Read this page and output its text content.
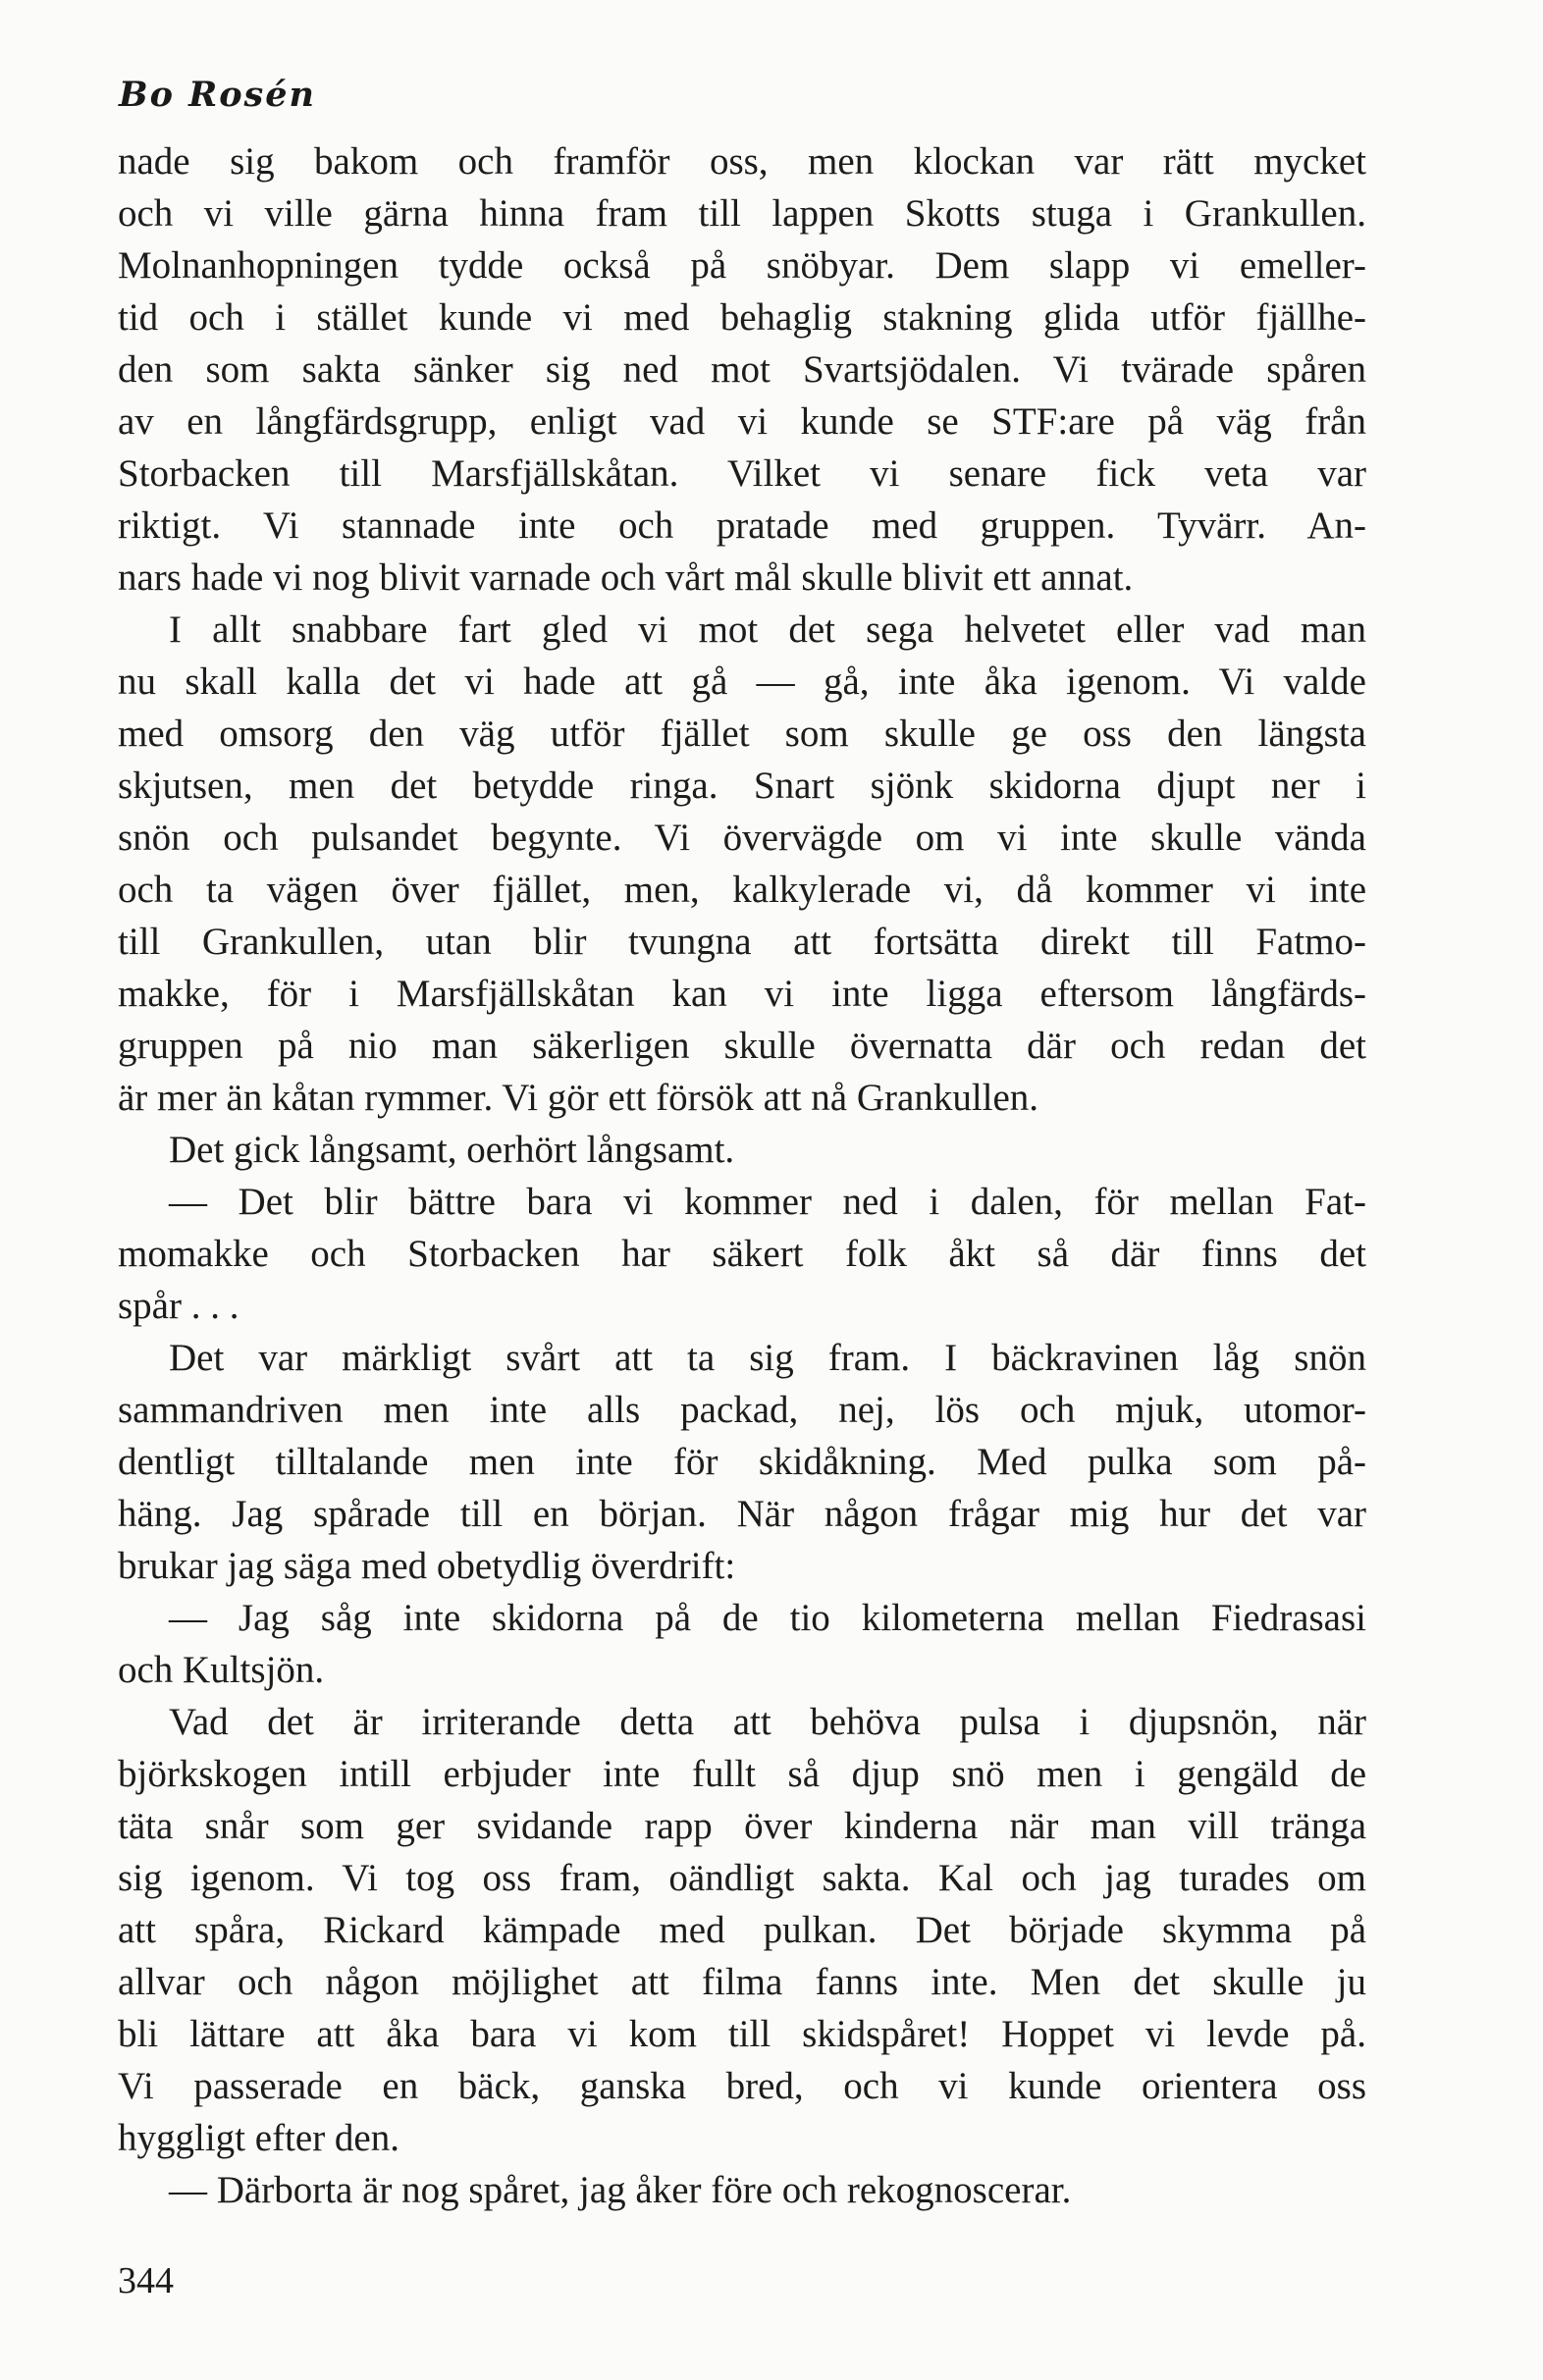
Bo Rosén
nade sig bakom och framför oss, men klockan var rätt mycket
och vi ville gärna hinna fram till lappen Skotts stuga i Grankullen.
Molnanhopningen tydde också på snöbyar. Dem slapp vi emeller-
tid och i stället kunde vi med behaglig stakning glida utför fjällhe-
den som sakta sänker sig ned mot Svartsjödalen. Vi tvärade spåren
av en långfärdsgrupp, enligt vad vi kunde se STF:are på väg från
Storbacken till Marsfjällskåtan. Vilket vi senare fick veta var
riktigt. Vi stannade inte och pratade med gruppen. Tyvärr. An-
nars hade vi nog blivit varnade och vårt mål skulle blivit ett annat.
I allt snabbare fart gled vi mot det sega helvetet eller vad man
nu skall kalla det vi hade att gå — gå, inte åka igenom. Vi valde
med omsorg den väg utför fjället som skulle ge oss den längsta
skjutsen, men det betydde ringa. Snart sjönk skidorna djupt ner i
snön och pulsandet begynte. Vi övervägde om vi inte skulle vända
och ta vägen över fjället, men, kalkylerade vi, då kommer vi inte
till Grankullen, utan blir tvungna att fortsätta direkt till Fatmo-
makke, för i Marsfjällskåtan kan vi inte ligga eftersom långfärds-
gruppen på nio man säkerligen skulle övernatta där och redan det
är mer än kåtan rymmer. Vi gör ett försök att nå Grankullen.
Det gick långsamt, oerhört långsamt.
— Det blir bättre bara vi kommer ned i dalen, för mellan Fat-
momakke och Storbacken har säkert folk åkt så där finns det
spår . . .
Det var märkligt svårt att ta sig fram. I bäckravinen låg snön
sammandriven men inte alls packad, nej, lös och mjuk, utomor-
dentligt tilltalande men inte för skidåkning. Med pulka som på-
häng. Jag spårade till en början. När någon frågar mig hur det var
brukar jag säga med obetydlig överdrift:
— Jag såg inte skidorna på de tio kilometerna mellan Fiedrasasi
och Kultsjön.
Vad det är irriterande detta att behöva pulsa i djupsnön, när
björkskogen intill erbjuder inte fullt så djup snö men i gengäld de
täta snår som ger svidande rapp över kinderna när man vill tränga
sig igenom. Vi tog oss fram, oändligt sakta. Kal och jag turades om
att spåra, Rickard kämpade med pulkan. Det började skymma på
allvar och någon möjlighet att filma fanns inte. Men det skulle ju
bli lättare att åka bara vi kom till skidspåret! Hoppet vi levde på.
Vi passerade en bäck, ganska bred, och vi kunde orientera oss
hyggligt efter den.
— Därborta är nog spåret, jag åker före och rekognoscerar.
344
